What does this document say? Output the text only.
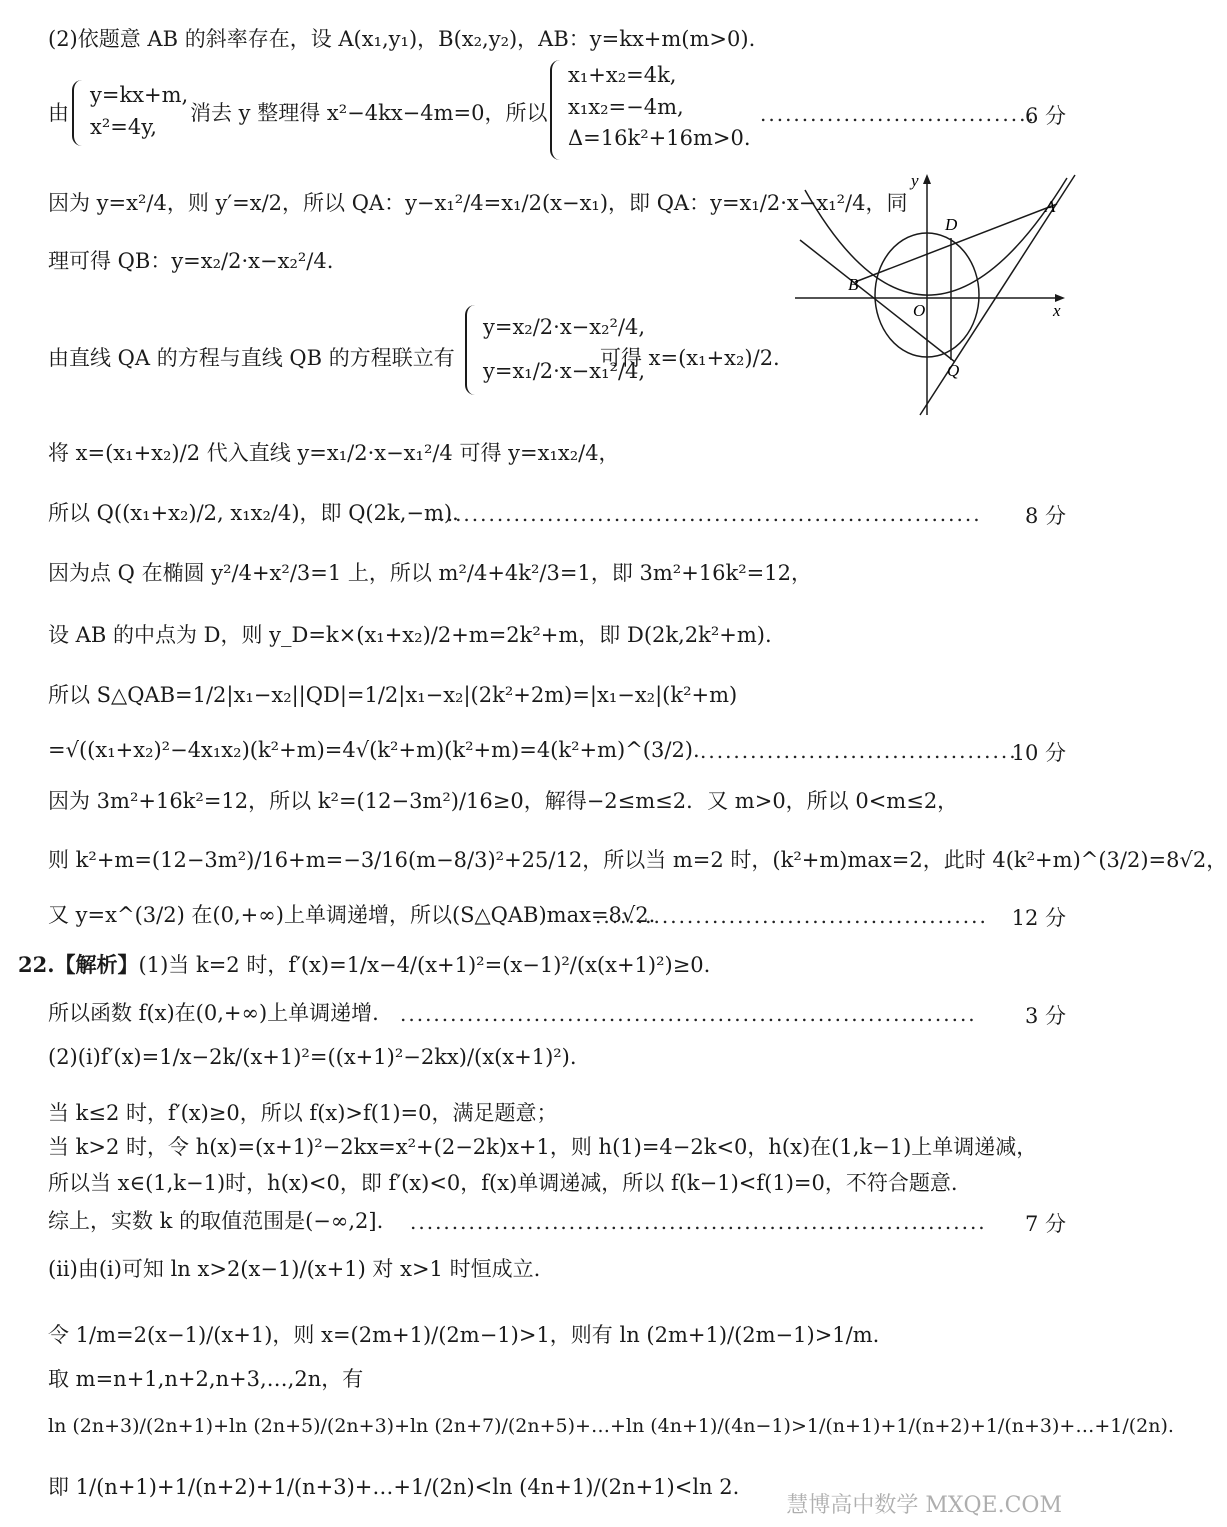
(2)依题意 AB 的斜率存在，设 A(x₁,y₁)，B(x₂,y₂)，AB：y=kx+m(m>0).
由
y=kx+m,
x²=4y,
消去 y 整理得 x²−4kx−4m=0，所以
x₁+x₂=4k,
x₁x₂=−4m,
Δ=16k²+16m>0.
.................................
6 分
因为 y=x²/4，则 y′=x/2，所以 QA：y−x₁²/4=x₁/2(x−x₁)，即 QA：y=x₁/2·x−x₁²/4，同
理可得 QB：y=x₂/2·x−x₂²/4.
由直线 QA 的方程与直线 QB 的方程联立有
y=x₂/2·x−x₂²/4,
y=x₁/2·x−x₁²/4,
可得 x=(x₁+x₂)/2.
y
x
A
B
D
O
Q
将 x=(x₁+x₂)/2 代入直线 y=x₁/2·x−x₁²/4 可得 y=x₁x₂/4，
所以 Q((x₁+x₂)/2, x₁x₂/4)，即 Q(2k,−m).
..................................................................	8 分
因为点 Q 在椭圆 y²/4+x²/3=1 上，所以 m²/4+4k²/3=1，即 3m²+16k²=12，
设 AB 的中点为 D，则 y_D=k×(x₁+x₂)/2+m=2k²+m，即 D(2k,2k²+m).
所以 S△QAB=1/2|x₁−x₂||QD|=1/2|x₁−x₂|(2k²+2m)=|x₁−x₂|(k²+m)
=√((x₁+x₂)²−4x₁x₂)(k²+m)=4√(k²+m)(k²+m)=4(k²+m)^(3/2). ......................................
10 分
因为 3m²+16k²=12，所以 k²=(12−3m²)/16≥0，解得−2≤m≤2．又 m>0，所以 0<m≤2，
则 k²+m=(12−3m²)/16+m=−3/16(m−8/3)²+25/12，所以当 m=2 时，(k²+m)max=2，此时 4(k²+m)^(3/2)=8√2，
又 y=x^(3/2) 在(0,+∞)上单调递增，所以(S△QAB)max=8√2.
...............................................	12 分
22.【解析】(1)当 k=2 时，f′(x)=1/x−4/(x+1)²=(x−1)²/(x(x+1)²)≥0.
所以函数 f(x)在(0,+∞)上单调递增. .....................................................................	3 分
(2)(i)f′(x)=1/x−2k/(x+1)²=((x+1)²−2kx)/(x(x+1)²).
当 k≤2 时，f′(x)≥0，所以 f(x)>f(1)=0，满足题意；
当 k>2 时，令 h(x)=(x+1)²−2kx=x²+(2−2k)x+1，则 h(1)=4−2k<0，h(x)在(1,k−1)上单调递减，
所以当 x∈(1,k−1)时，h(x)<0，即 f′(x)<0，f(x)单调递减，所以 f(k−1)<f(1)=0，不符合题意.
综上，实数 k 的取值范围是(−∞,2]. .....................................................................	7 分
(ii)由(i)可知 ln x>2(x−1)/(x+1) 对 x>1 时恒成立.
令 1/m=2(x−1)/(x+1)，则 x=(2m+1)/(2m−1)>1，则有 ln (2m+1)/(2m−1)>1/m.
取 m=n+1,n+2,n+3,…,2n，有
ln (2n+3)/(2n+1)+ln (2n+5)/(2n+3)+ln (2n+7)/(2n+5)+…+ln (4n+1)/(4n−1)>1/(n+1)+1/(n+2)+1/(n+3)+…+1/(2n).
即 1/(n+1)+1/(n+2)+1/(n+3)+…+1/(2n)<ln (4n+1)/(2n+1)<ln 2.
慧博高中数学 MXQE.COM
